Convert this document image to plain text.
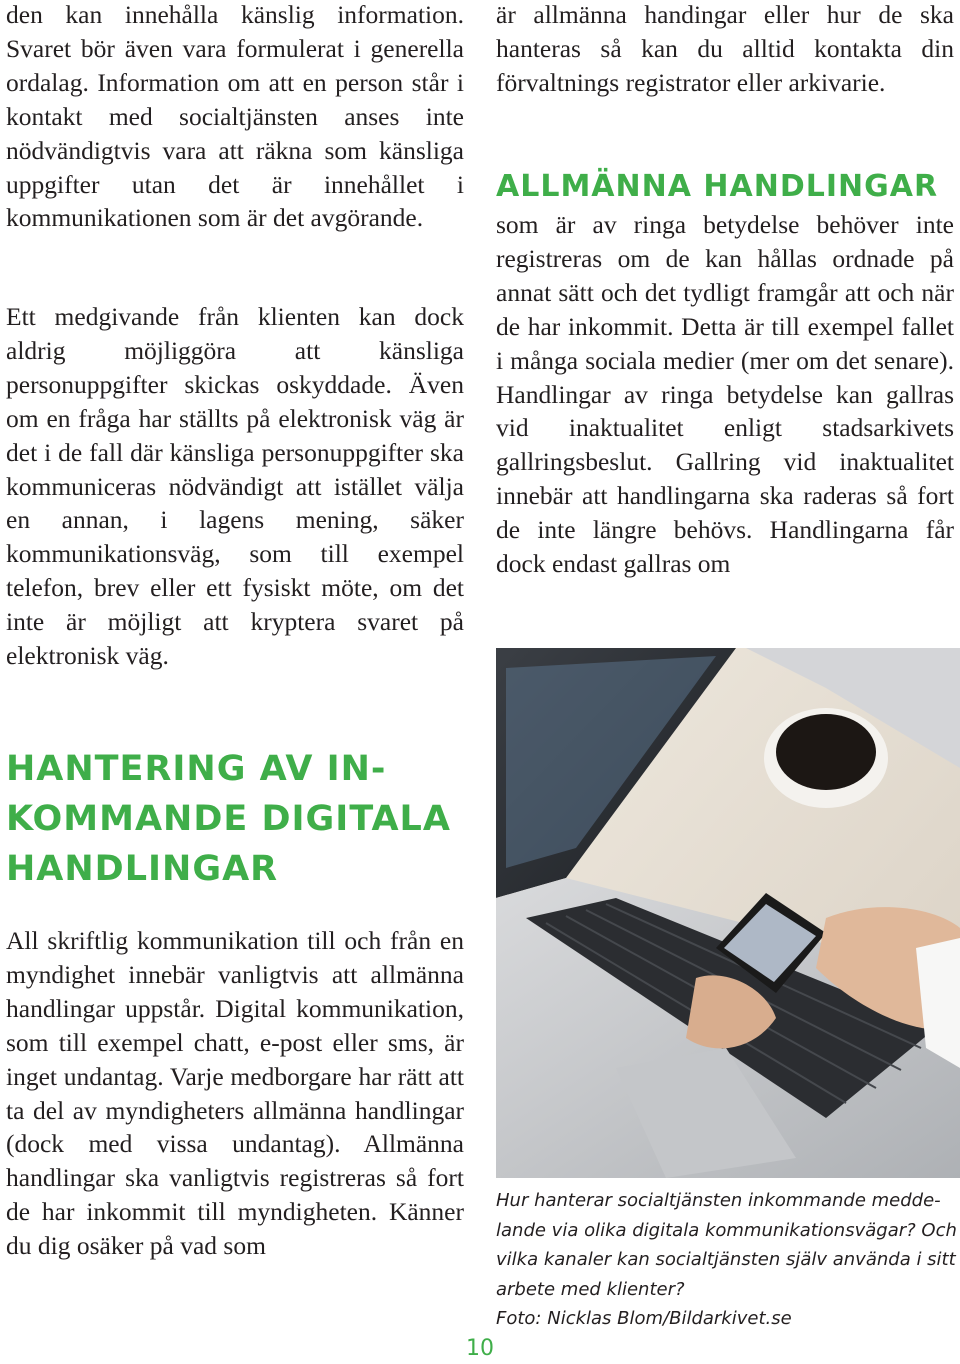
den kan innehålla känslig information. Svaret bör även vara formulerat i generella ordalag. Information om att en person står i kontakt med socialtjänsten anses inte nödvändigtvis vara att räkna som känsliga uppgifter utan det är innehållet i kommunikationen som är det avgörande.

Ett medgivande från klienten kan dock aldrig möjliggöra att känsliga personuppgifter skickas oskyddade. Även om en fråga har ställts på elektronisk väg är det i de fall där känsliga personuppgifter ska kommuniceras nödvändigt att istället välja en annan, i lagens mening, säker kommunikationsväg, som till exempel telefon, brev eller ett fysiskt möte, om det inte är möjligt att kryptera svaret på elektronisk väg.

HANTERING AV IN-
KOMMANDE DIGITALA
HANDLINGAR

All skriftlig kommunikation till och från en myndighet innebär vanligtvis att allmänna handlingar uppstår. Digital kommunikation, som till exempel chatt, e-post eller sms, är inget undantag. Varje medborgare har rätt att ta del av myndigheters allmänna handlingar (dock med vissa undantag). Allmänna handlingar ska vanligtvis registreras så fort de har inkommit till myndigheten. Känner du dig osäker på vad som

är allmänna handingar eller hur de ska hanteras så kan du alltid kontakta din förvaltnings registrator eller arkivarie.

ALLMÄNNA HANDLINGAR

som är av ringa betydelse behöver inte registreras om de kan hållas ordnade på annat sätt och det tydligt framgår att och när de har inkommit. Detta är till exempel fallet i många sociala medier (mer om det senare). Handlingar av ringa betydelse kan gallras vid inaktualitet enligt stadsarkivets gallringsbeslut. Gallring vid inaktualitet innebär att handlingarna ska raderas så fort de inte längre behövs. Handlingarna får dock endast gallras om

Hur hanterar socialtjänsten inkommande medde-
lande via olika digitala kommunikationsvägar? Och
vilka kanaler kan socialtjänsten själv använda i sitt
arbete med klienter?
Foto: Nicklas Blom/Bildarkivet.se
10
